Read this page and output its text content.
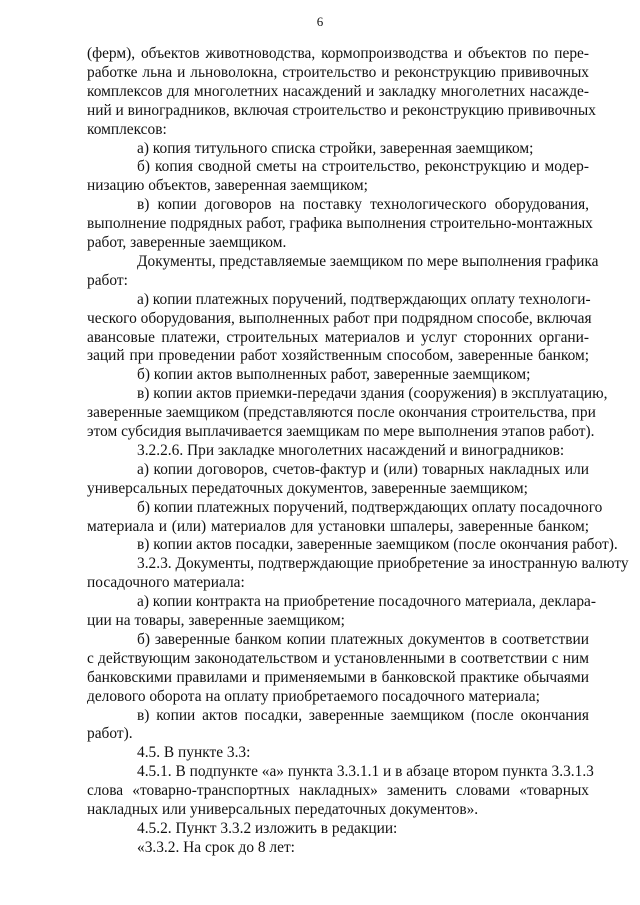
6
(ферм), объектов животноводства, кормопроизводства и объектов по пере-
работке льна и льноволокна, строительство и реконструкцию прививочных
комплексов для многолетних насаждений и закладку многолетних насажде-
ний и виноградников, включая строительство и реконструкцию прививочных
комплексов:
а) копия титульного списка стройки, заверенная заемщиком;
б) копия сводной сметы на строительство, реконструкцию и модер-
низацию объектов, заверенная заемщиком;
в) копии договоров на поставку технологического оборудования,
выполнение подрядных работ, графика выполнения строительно-монтажных
работ, заверенные заемщиком.
Документы, представляемые заемщиком по мере выполнения графика
работ:
а) копии платежных поручений, подтверждающих оплату технологи-
ческого оборудования, выполненных работ при подрядном способе, включая
авансовые платежи, строительных материалов и услуг сторонних органи-
заций при проведении работ хозяйственным способом, заверенные банком;
б) копии актов выполненных работ, заверенные заемщиком;
в) копии актов приемки-передачи здания (сооружения) в эксплуатацию,
заверенные заемщиком (представляются после окончания строительства, при
этом субсидия выплачивается заемщикам по мере выполнения этапов работ).
3.2.2.6. При закладке многолетних насаждений и виноградников:
а) копии договоров, счетов-фактур и (или) товарных накладных или
универсальных передаточных документов, заверенные заемщиком;
б) копии платежных поручений, подтверждающих оплату посадочного
материала и (или) материалов для установки шпалеры, заверенные банком;
в) копии актов посадки, заверенные заемщиком (после окончания работ).
3.2.3. Документы, подтверждающие приобретение за иностранную валюту
посадочного материала:
а) копии контракта на приобретение посадочного материала, деклара-
ции на товары, заверенные заемщиком;
б) заверенные банком копии платежных документов в соответствии
с действующим законодательством и установленными в соответствии с ним
банковскими правилами и применяемыми в банковской практике обычаями
делового оборота на оплату приобретаемого посадочного материала;
в) копии актов посадки, заверенные заемщиком (после окончания
работ).
4.5. В пункте 3.3:
4.5.1. В подпункте «а» пункта 3.3.1.1 и в абзаце втором пункта 3.3.1.3
слова «товарно-транспортных накладных» заменить словами «товарных
накладных или универсальных передаточных документов».
4.5.2. Пункт 3.3.2 изложить в редакции:
«3.3.2. На срок до 8 лет:
